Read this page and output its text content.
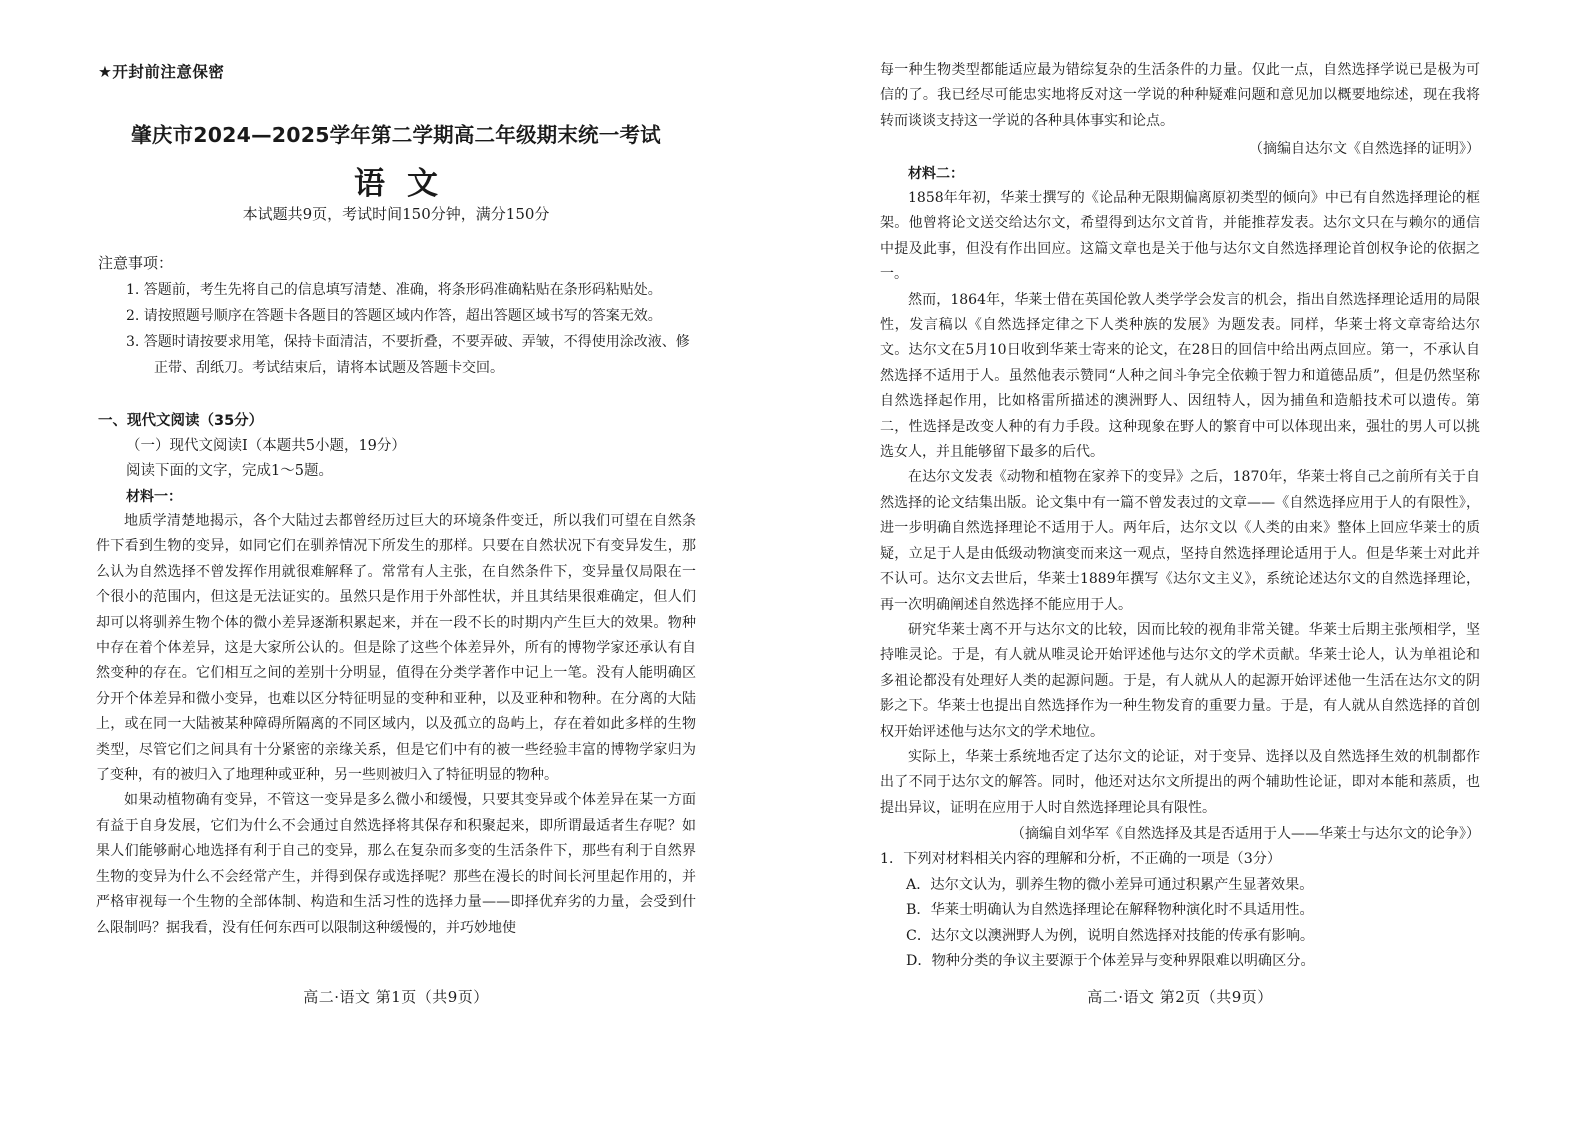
★开封前注意保密
肇庆市2024—2025学年第二学期高二年级期末统一考试
语文
本试题共9页，考试时间150分钟，满分150分
注意事项：
1. 答题前，考生先将自己的信息填写清楚、准确，将条形码准确粘贴在条形码粘贴处。
2. 请按照题号顺序在答题卡各题目的答题区域内作答，超出答题区域书写的答案无效。
3. 答题时请按要求用笔，保持卡面清洁，不要折叠，不要弄破、弄皱，不得使用涂改液、修正带、刮纸刀。考试结束后，请将本试题及答题卡交回。
一、现代文阅读（35分）
（一）现代文阅读Ⅰ（本题共5小题，19分）
阅读下面的文字，完成1～5题。
材料一：

地质学清楚地揭示，各个大陆过去都曾经历过巨大的环境条件变迁，所以我们可望在自然条件下看到生物的变异，如同它们在驯养情况下所发生的那样。只要在自然状况下有变异发生，那么认为自然选择不曾发挥作用就很难解释了。常常有人主张，在自然条件下，变异量仅局限在一个很小的范围内，但这是无法证实的。虽然只是作用于外部性状，并且其结果很难确定，但人们却可以将驯养生物个体的微小差异逐渐积累起来，并在一段不长的时期内产生巨大的效果。物种中存在着个体差异，这是大家所公认的。但是除了这些个体差异外，所有的博物学家还承认有自然变种的存在。它们相互之间的差别十分明显，值得在分类学著作中记上一笔。没有人能明确区分开个体差异和微小变异，也难以区分特征明显的变种和亚种，以及亚种和物种。在分离的大陆上，或在同一大陆被某种障碍所隔离的不同区域内，以及孤立的岛屿上，存在着如此多样的生物类型，尽管它们之间具有十分紧密的亲缘关系，但是它们中有的被一些经验丰富的博物学家归为了变种，有的被归入了地理种或亚种，另一些则被归入了特征明显的物种。

如果动植物确有变异，不管这一变异是多么微小和缓慢，只要其变异或个体差异在某一方面有益于自身发展，它们为什么不会通过自然选择将其保存和积聚起来，即所谓最适者生存呢？如果人们能够耐心地选择有利于自己的变异，那么在复杂而多变的生活条件下，那些有利于自然界生物的变异为什么不会经常产生，并得到保存或选择呢？那些在漫长的时间长河里起作用的，并严格审视每一个生物的全部体制、构造和生活习性的选择力量——即择优弃劣的力量，会受到什么限制吗？据我看，没有任何东西可以限制这种缓慢的，并巧妙地使

高二·语文 第1页（共9页）

每一种生物类型都能适应最为错综复杂的生活条件的力量。仅此一点，自然选择学说已是极为可信的了。我已经尽可能忠实地将反对这一学说的种种疑难问题和意见加以概要地综述，现在我将转而谈谈支持这一学说的各种具体事实和论点。

（摘编自达尔文《自然选择的证明》）
材料二：

1858年年初，华莱士撰写的《论品种无限期偏离原初类型的倾向》中已有自然选择理论的框架。他曾将论文送交给达尔文，希望得到达尔文首肯，并能推荐发表。达尔文只在与赖尔的通信中提及此事，但没有作出回应。这篇文章也是关于他与达尔文自然选择理论首创权争论的依据之一。

然而，1864年，华莱士借在英国伦敦人类学学会发言的机会，指出自然选择理论适用的局限性，发言稿以《自然选择定律之下人类种族的发展》为题发表。同样，华莱士将文章寄给达尔文。达尔文在5月10日收到华莱士寄来的论文，在28日的回信中给出两点回应。第一，不承认自然选择不适用于人。虽然他表示赞同“人种之间斗争完全依赖于智力和道德品质”，但是仍然坚称自然选择起作用，比如格雷所描述的澳洲野人、因纽特人，因为捕鱼和造船技术可以遗传。第二，性选择是改变人种的有力手段。这种现象在野人的繁育中可以体现出来，强壮的男人可以挑选女人，并且能够留下最多的后代。

在达尔文发表《动物和植物在家养下的变异》之后，1870年，华莱士将自己之前所有关于自然选择的论文结集出版。论文集中有一篇不曾发表过的文章——《自然选择应用于人的有限性》，进一步明确自然选择理论不适用于人。两年后，达尔文以《人类的由来》整体上回应华莱士的质疑，立足于人是由低级动物演变而来这一观点，坚持自然选择理论适用于人。但是华莱士对此并不认可。达尔文去世后，华莱士1889年撰写《达尔文主义》，系统论述达尔文的自然选择理论，再一次明确阐述自然选择不能应用于人。

研究华莱士离不开与达尔文的比较，因而比较的视角非常关键。华莱士后期主张颅相学，坚持唯灵论。于是，有人就从唯灵论开始评述他与达尔文的学术贡献。华莱士论人，认为单祖论和多祖论都没有处理好人类的起源问题。于是，有人就从人的起源开始评述他一生活在达尔文的阴影之下。华莱士也提出自然选择作为一种生物发育的重要力量。于是，有人就从自然选择的首创权开始评述他与达尔文的学术地位。

实际上，华莱士系统地否定了达尔文的论证，对于变异、选择以及自然选择生效的机制都作出了不同于达尔文的解答。同时，他还对达尔文所提出的两个辅助性论证，即对本能和蒸质，也提出异议，证明在应用于人时自然选择理论具有限性。

（摘编自刘华军《自然选择及其是否适用于人——华莱士与达尔文的论争》）

1．下列对材料相关内容的理解和分析，不正确的一项是（3分）

A．达尔文认为，驯养生物的微小差异可通过积累产生显著效果。

B．华莱士明确认为自然选择理论在解释物种演化时不具适用性。

C．达尔文以澳洲野人为例，说明自然选择对技能的传承有影响。

D．物种分类的争议主要源于个体差异与变种界限难以明确区分。

高二·语文 第2页（共9页）
